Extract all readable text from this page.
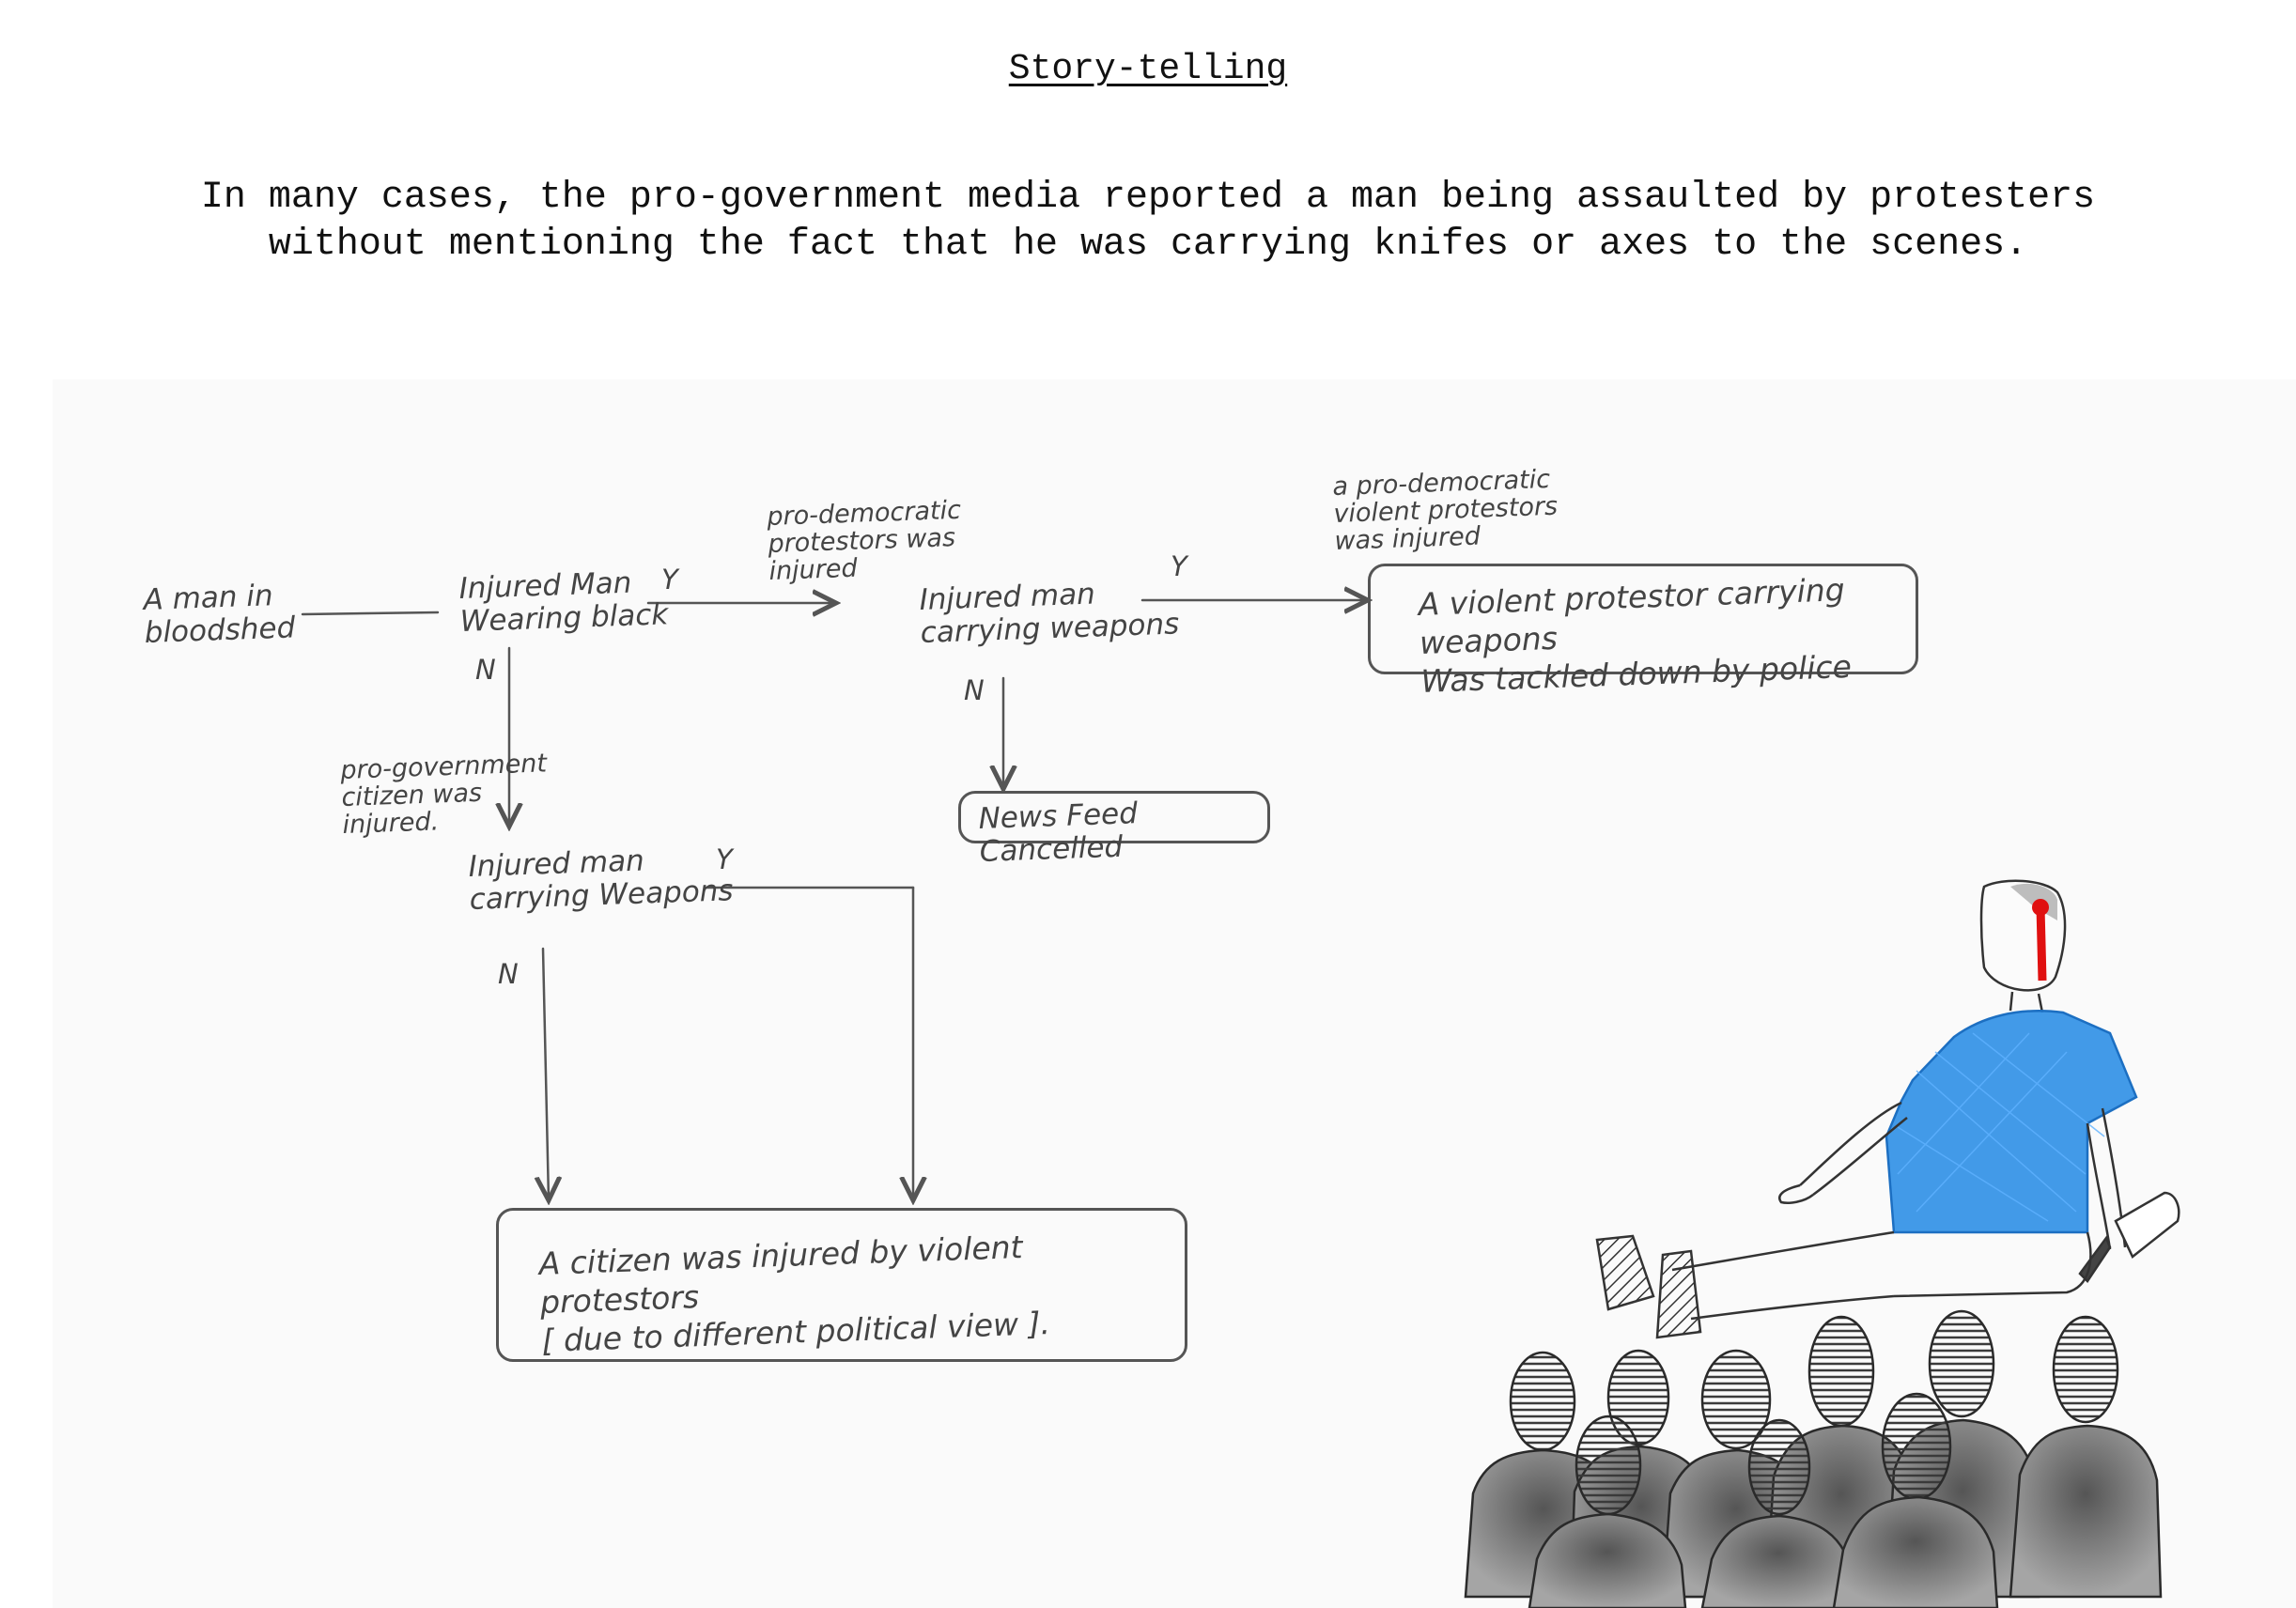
Story-telling
In many cases, the pro-government media reported a man being assaulted by protesters
without mentioning the fact that he was carrying knifes or axes to the scenes.
A man in
bloodshed
Injured Man
Wearing black
Injured man
carrying weapons
Injured man
carrying Weapons
News Feed Cancelled
A violent protestor carrying weapons
Was tackled down by police
A citizen was injured by violent protestors
[ due to different political view ].
Y
N
Y
N
Y
N
pro-democratic
protestors was
injured
a pro-democratic
violent protestors
was injured
pro-government
citizen was
injured.
